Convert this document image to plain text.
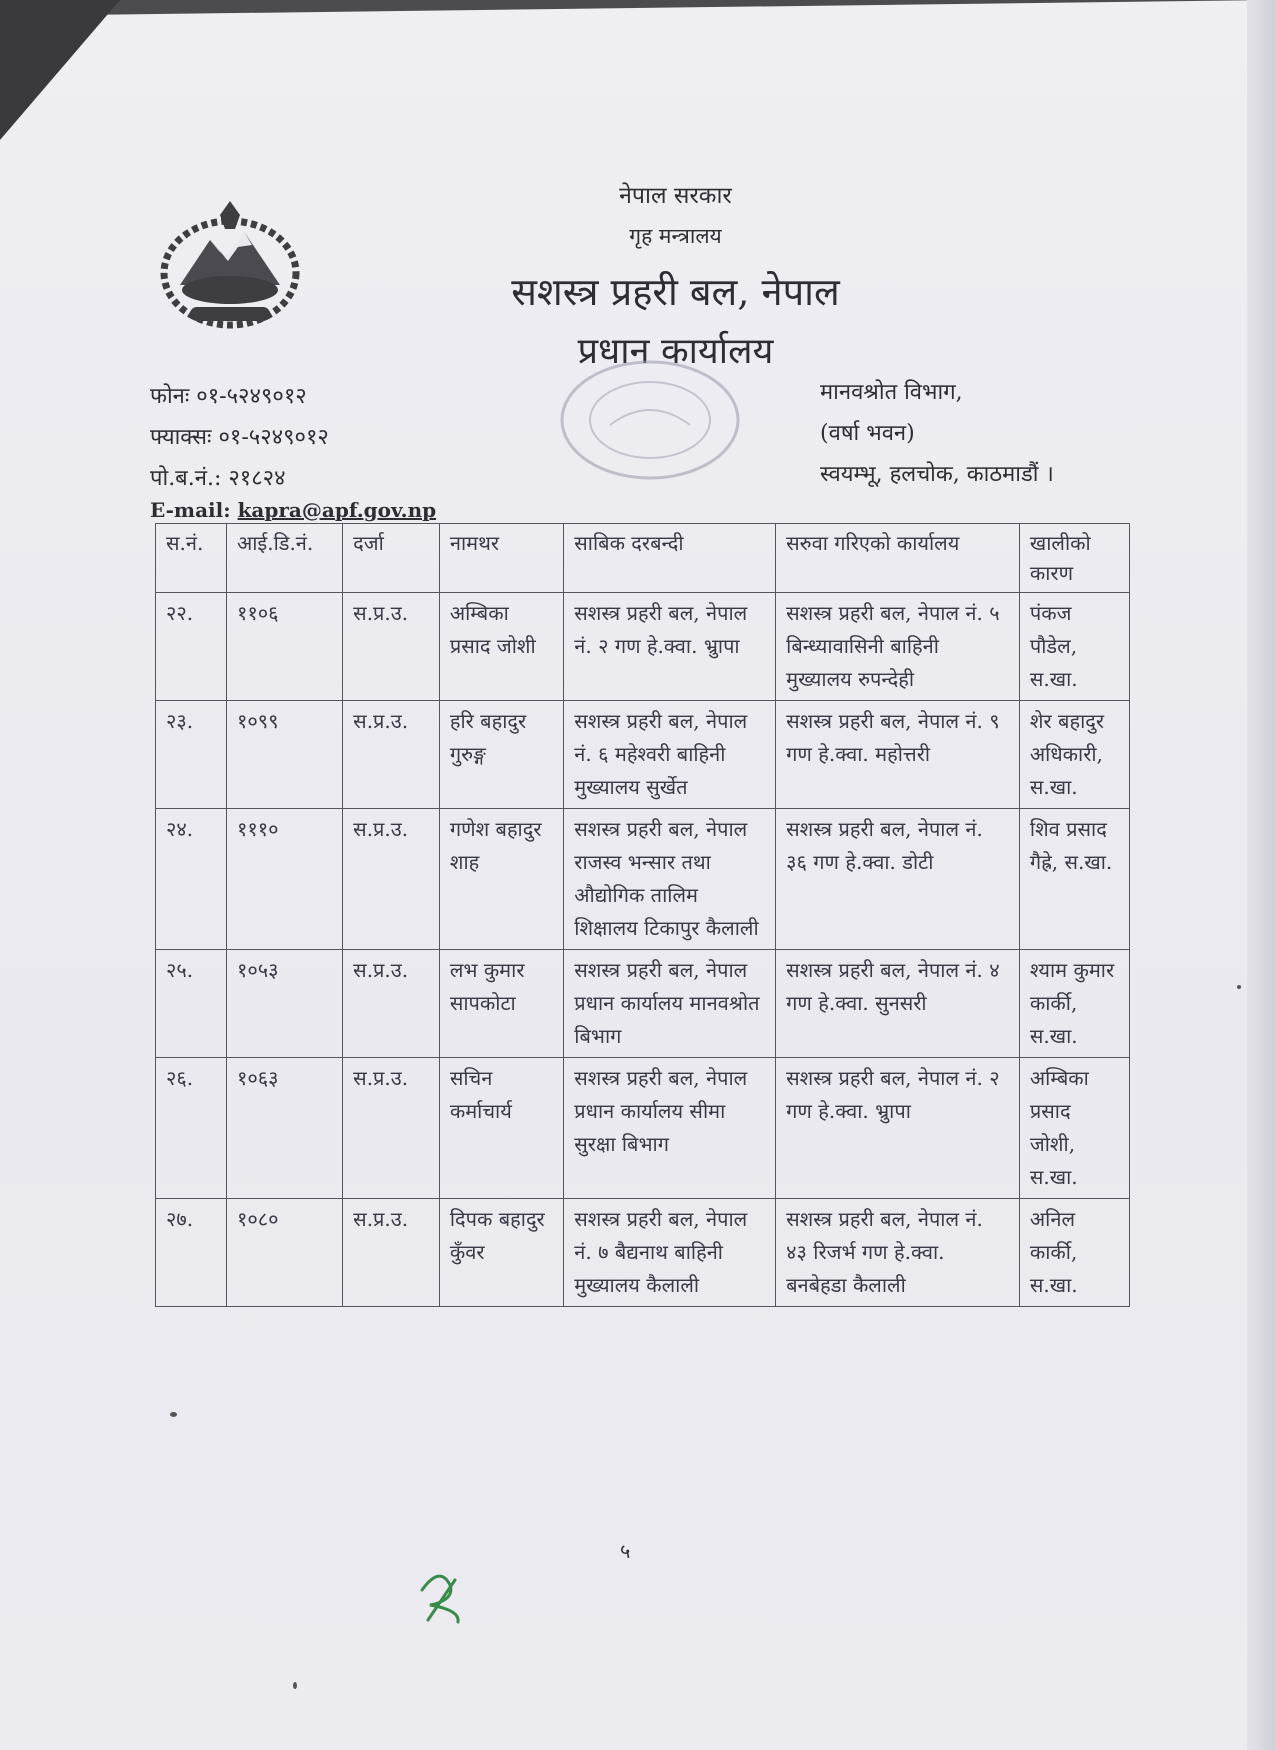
नेपाल सरकार
गृह मन्त्रालय
सशस्त्र प्रहरी बल, नेपाल
प्रधान कार्यालय
फोनः ०१-५२४९०१२
फ्याक्सः ०१-५२४९०१२
पो.ब.नं.: २१८२४
E-mail: kapra@apf.gov.np
मानवश्रोत विभाग,
(वर्षा भवन)
स्वयम्भू, हलचोक, काठमाडौं ।
स.नं.	आई.डि.नं.	दर्जा	नामथर	साबिक दरबन्दी	सरुवा गरिएको कार्यालय	खालीको कारण
२२.	११०६	स.प्र.उ.	अम्बिका प्रसाद जोशी	सशस्त्र प्रहरी बल, नेपाल नं. २ गण हे.क्वा. भ्रुापा	सशस्त्र प्रहरी बल, नेपाल नं. ५ बिन्ध्यावासिनी बाहिनी मुख्यालय रुपन्देही	पंकज पौडेल, स.खा.
२३.	१०९९	स.प्र.उ.	हरि बहादुर गुरुङ्ग	सशस्त्र प्रहरी बल, नेपाल नं. ६ महेश्वरी बाहिनी मुख्यालय सुर्खेत	सशस्त्र प्रहरी बल, नेपाल नं. ९ गण हे.क्वा. महोत्तरी	शेर बहादुर अधिकारी, स.खा.
२४.	१११०	स.प्र.उ.	गणेश बहादुर शाह	सशस्त्र प्रहरी बल, नेपाल राजस्व भन्सार तथा औद्योगिक तालिम शिक्षालय टिकापुर कैलाली	सशस्त्र प्रहरी बल, नेपाल नं. ३६ गण हे.क्वा. डोटी	शिव प्रसाद गैह्रे, स.खा.
२५.	१०५३	स.प्र.उ.	लभ कुमार सापकोटा	सशस्त्र प्रहरी बल, नेपाल प्रधान कार्यालय मानवश्रोत बिभाग	सशस्त्र प्रहरी बल, नेपाल नं. ४ गण हे.क्वा. सुनसरी	श्याम कुमार कार्की, स.खा.
२६.	१०६३	स.प्र.उ.	सचिन कर्माचार्य	सशस्त्र प्रहरी बल, नेपाल प्रधान कार्यालय सीमा सुरक्षा बिभाग	सशस्त्र प्रहरी बल, नेपाल नं. २ गण हे.क्वा. भ्रुापा	अम्बिका प्रसाद जोशी, स.खा.
२७.	१०८०	स.प्र.उ.	दिपक बहादुर कुँवर	सशस्त्र प्रहरी बल, नेपाल नं. ७ बैद्यनाथ बाहिनी मुख्यालय कैलाली	सशस्त्र प्रहरी बल, नेपाल नं. ४३ रिजर्भ गण हे.क्वा. बनबेहडा कैलाली	अनिल कार्की, स.खा.
५
